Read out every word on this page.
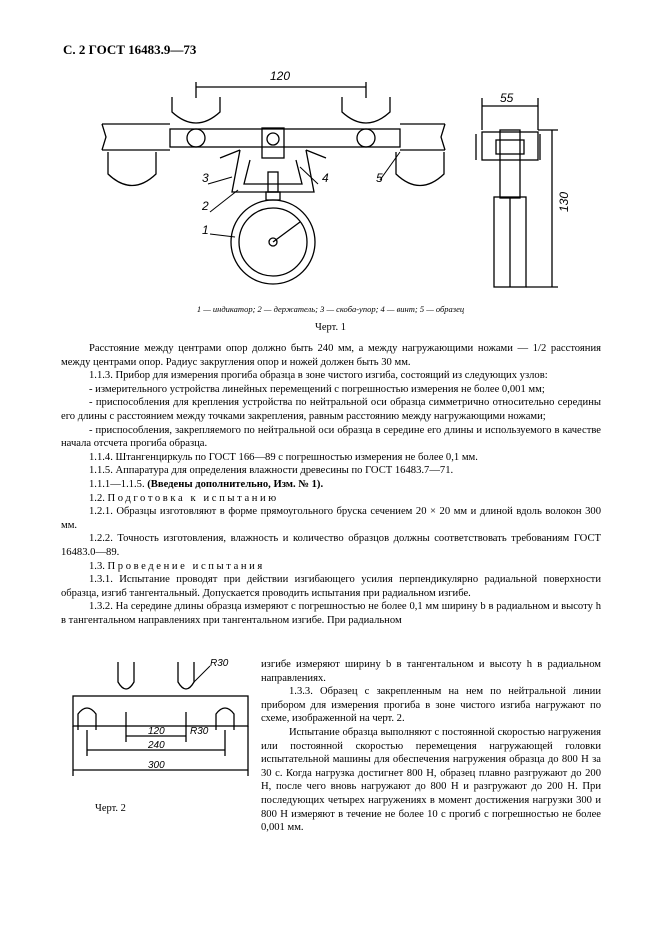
С. 2 ГОСТ 16483.9—73
120
55
130
1
2
3	4	5
1 — индикатор; 2 — держатель; 3 — скоба-упор; 4 — винт; 5 — образец
Черт. 1

Расстояние между центрами опор должно быть 240 мм, а между нагружающими ножами — 1/2 расстояния между центрами опор. Радиус закругления опор и ножей должен быть 30 мм.

1.1.3. Прибор для измерения прогиба образца в зоне чистого изгиба, состоящий из следующих узлов:

- измерительного устройства линейных перемещений с погрешностью измерения не более 0,001 мм;

- приспособления для крепления устройства по нейтральной оси образца симметрично относительно середины его длины с расстоянием между точками закрепления, равным расстоянию между нагружающими ножами;

- приспособления, закрепляемого по нейтральной оси образца в середине его длины и используемого в качестве начала отсчета прогиба образца.

1.1.4. Штангенциркуль по ГОСТ 166—89 с погрешностью измерения не более 0,1 мм.

1.1.5. Аппаратура для определения влажности древесины по ГОСТ 16483.7—71.

1.1.1—1.1.5. (Введены дополнительно, Изм. № 1).

1.2. Подготовка к испытанию

1.2.1. Образцы изготовляют в форме прямоугольного бруска сечением 20 × 20 мм и длиной вдоль волокон 300 мм.

1.2.2. Точность изготовления, влажность и количество образцов должны соответствовать требованиям ГОСТ 16483.0—89.

1.3. Проведение испытания

1.3.1. Испытание проводят при действии изгибающего усилия перпендикулярно радиальной поверхности образца, изгиб тангентальный. Допускается проводить испытания при радиальном изгибе.

1.3.2. На середине длины образца измеряют с погрешностью не более 0,1 мм ширину b в радиальном и высоту h в тангентальном направлениях при тангентальном изгибе. При радиальном

R30
R30
120
240
300
Черт. 2

изгибе измеряют ширину b в тангентальном и высоту h в радиальном направлениях.

1.3.3. Образец с закрепленным на нем по нейтральной линии прибором для измерения прогиба в зоне чистого изгиба нагружают по схеме, изображенной на черт. 2.

Испытание образца выполняют с постоянной скоростью нагружения или постоянной скоростью перемещения нагружающей головки испытательной машины для обеспечения нагружения образца до 800 Н за 30 с. Когда нагрузка достигнет 800 Н, образец плавно разгружают до 200 Н, после чего вновь нагружают до 800 Н и разгружают до 200 Н. При последующих четырех нагружениях в момент достижения нагрузки 300 и 800 Н измеряют в течение не более 10 с прогиб с погрешностью не более 0,001 мм.
